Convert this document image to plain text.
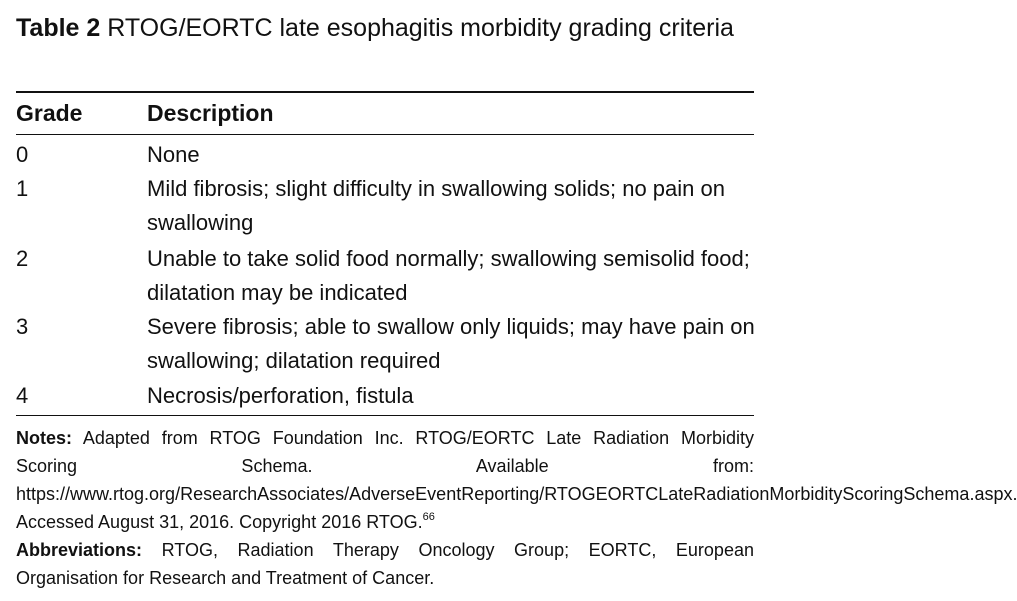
Table 2 RTOG/EORTC late esophagitis morbidity grading criteria
Grade	Description
0	None
1	Mild fibrosis; slight difficulty in swallowing solids; no pain on swallowing
2	Unable to take solid food normally; swallowing semisolid food; dilatation may be indicated
3	Severe fibrosis; able to swallow only liquids; may have pain on swallowing; dilatation required
4	Necrosis/perforation, fistula

Notes: Adapted from RTOG Foundation Inc. RTOG/EORTC Late Radiation Morbidity Scoring Schema. Available from: https://www.rtog.org/ResearchAssociates/AdverseEventReporting/RTOGEORTCLateRadiationMorbidityScoringSchema.aspx. Accessed August 31, 2016. Copyright 2016 RTOG.$^{66}$

Abbreviations: RTOG, Radiation Therapy Oncology Group; EORTC, European Organisation for Research and Treatment of Cancer.
